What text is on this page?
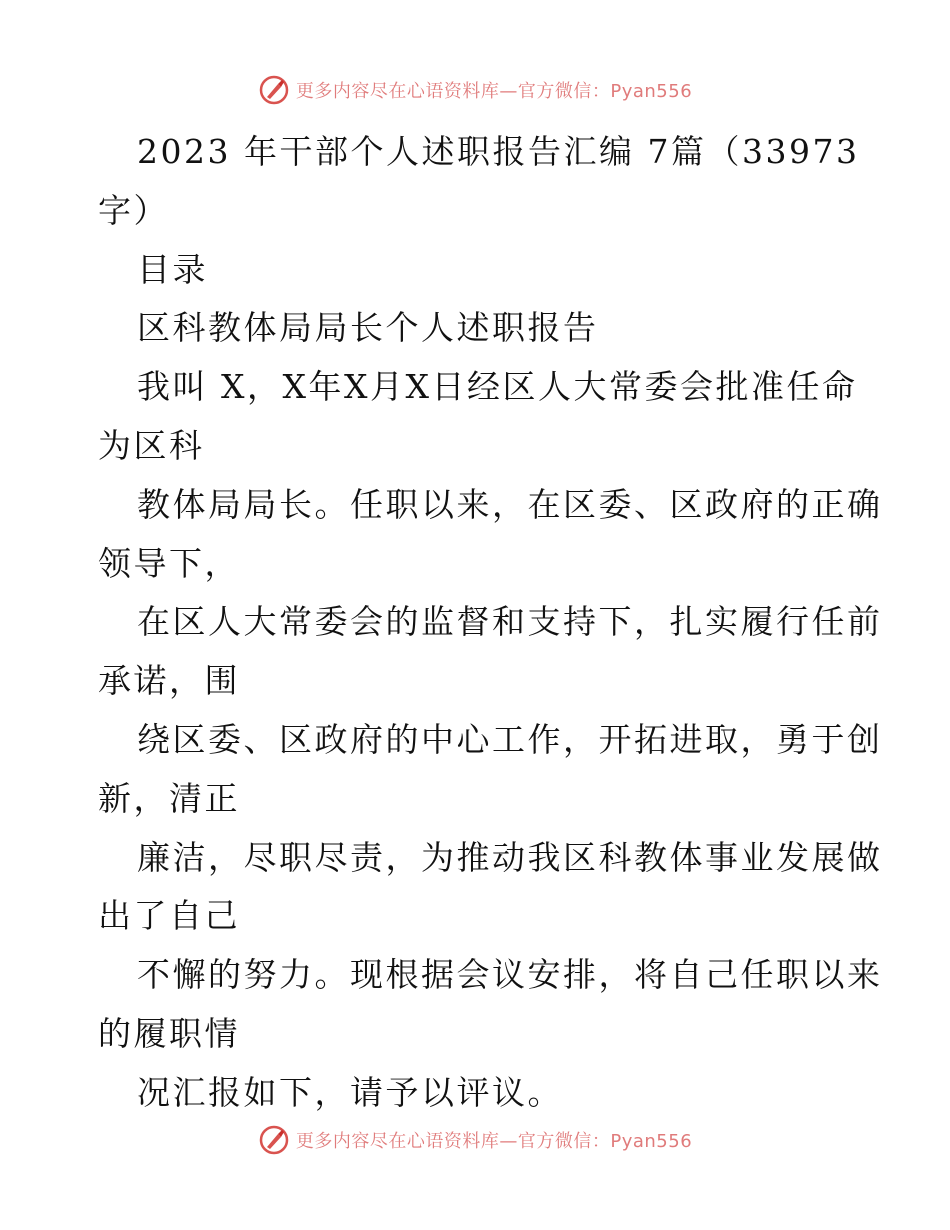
更多内容尽在心语资料库—官方微信：Pyan556
2023 年干部个人述职报告汇编 7篇（33973
字）
目录
区科教体局局长个人述职报告
我叫 X，X年X月X日经区人大常委会批准任命
为区科
教体局局长。任职以来，在区委、区政府的正确
领导下，
在区人大常委会的监督和支持下，扎实履行任前
承诺，围
绕区委、区政府的中心工作，开拓进取，勇于创
新，清正
廉洁，尽职尽责，为推动我区科教体事业发展做
出了自己
不懈的努力。现根据会议安排，将自己任职以来
的履职情
况汇报如下，请予以评议。
更多内容尽在心语资料库—官方微信：Pyan556
